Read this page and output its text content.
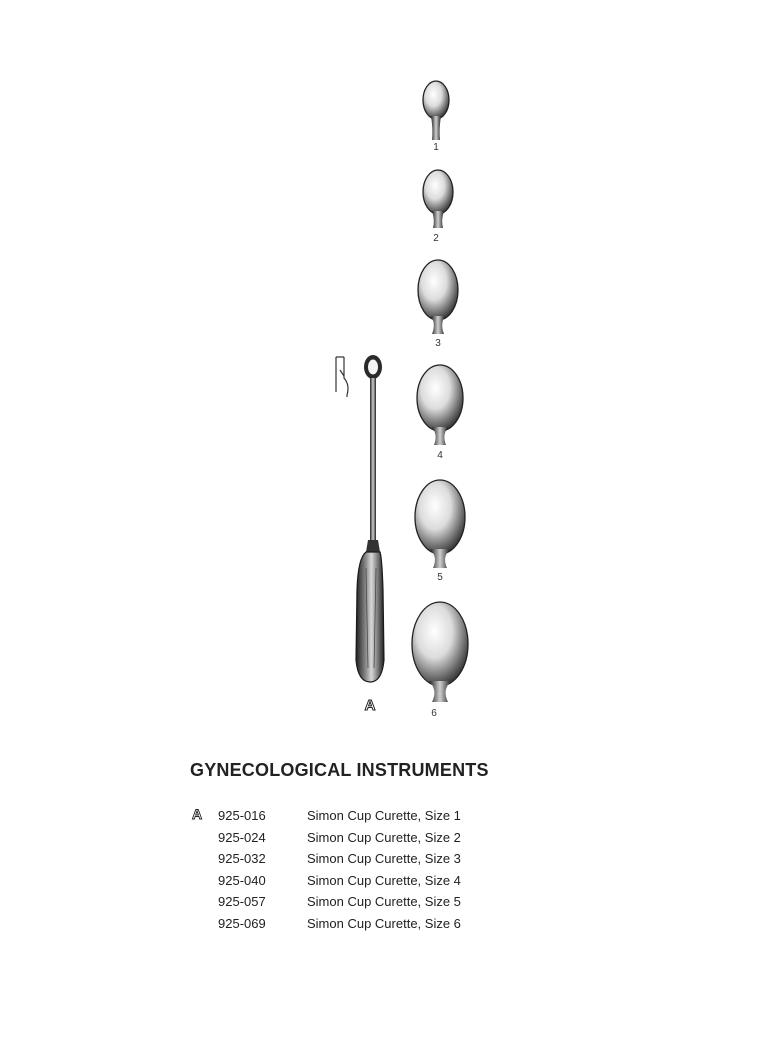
1
2
3
4
5
6
A
GYNECOLOGICAL INSTRUMENTS
A 925-016	Simon Cup Curette, Size 1
925-024	Simon Cup Curette, Size 2
925-032	Simon Cup Curette, Size 3
925-040	Simon Cup Curette, Size 4
925-057	Simon Cup Curette, Size 5
925-069	Simon Cup Curette, Size 6
